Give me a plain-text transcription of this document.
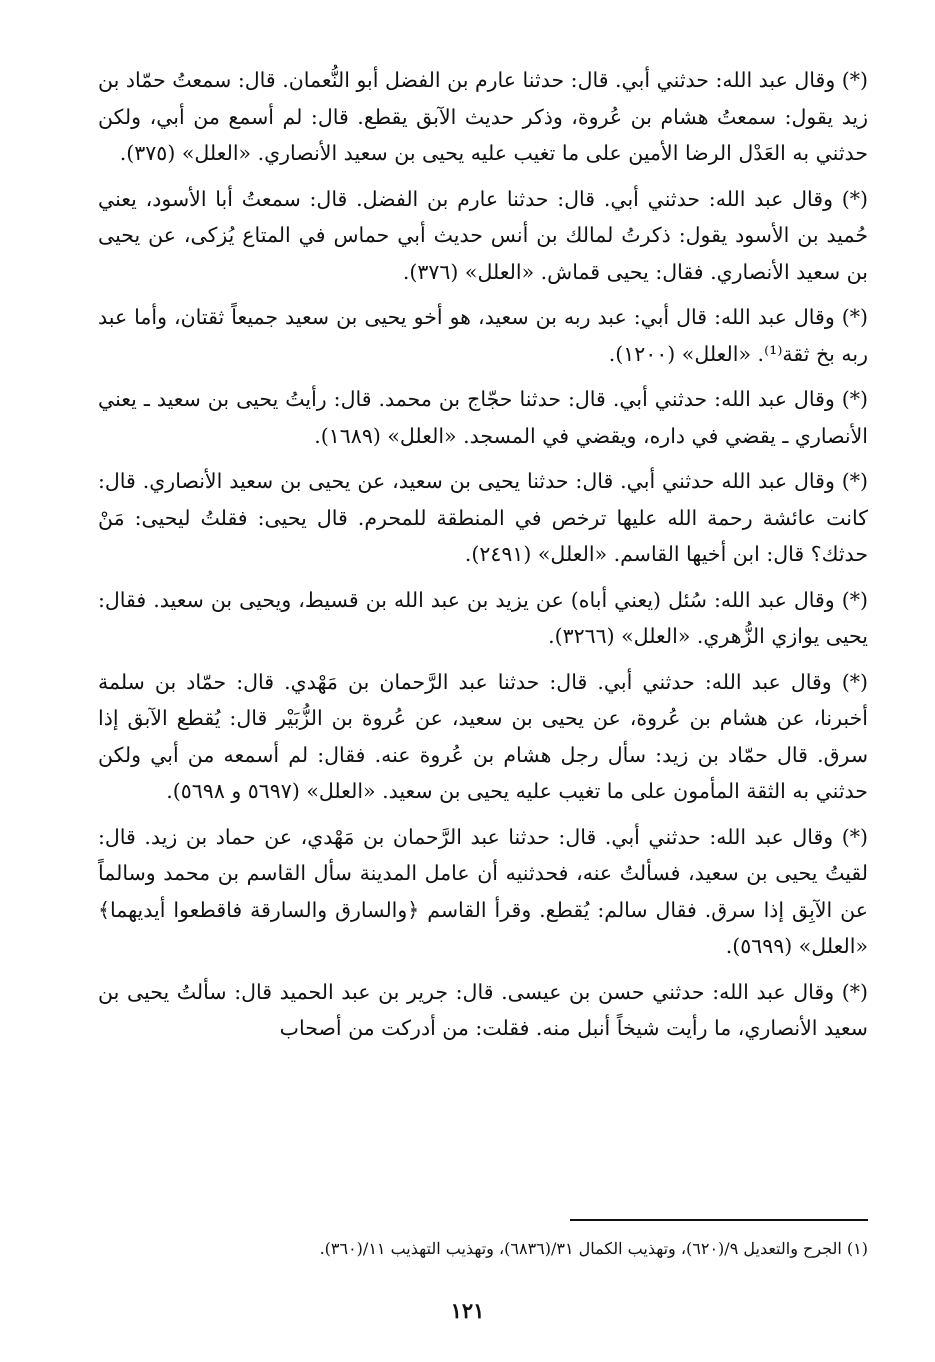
(*) وقال عبد الله: حدثني أبي. قال: حدثنا عارم بن الفضل أبو النُّعمان. قال: سمعتُ حمّاد بن زيد يقول: سمعتُ هشام بن عُروة، وذكر حديث الآبق يقطع. قال: لم أسمع من أبي، ولكن حدثني به العَدْل الرضا الأمين على ما تغيب عليه يحيى بن سعيد الأنصاري. «العلل» (٣٧٥).

(*) وقال عبد الله: حدثني أبي. قال: حدثنا عارم بن الفضل. قال: سمعتُ أبا الأسود، يعني حُميد بن الأسود يقول: ذكرتُ لمالك بن أنس حديث أبي حماس في المتاع يُزكى، عن يحيى بن سعيد الأنصاري. فقال: يحيى قماش. «العلل» (٣٧٦).

(*) وقال عبد الله: قال أبي: عبد ربه بن سعيد، هو أخو يحيى بن سعيد جميعاً ثقتان، وأما عبد ربه بخ ثقة⁽¹⁾. «العلل» (١٢٠٠).

(*) وقال عبد الله: حدثني أبي. قال: حدثنا حجّاج بن محمد. قال: رأيتُ يحيى بن سعيد ـ يعني الأنصاري ـ يقضي في داره، ويقضي في المسجد. «العلل» (١٦٨٩).

(*) وقال عبد الله حدثني أبي. قال: حدثنا يحيى بن سعيد، عن يحيى بن سعيد الأنصاري. قال: كانت عائشة رحمة الله عليها ترخص في المنطقة للمحرم. قال يحيى: فقلتُ ليحيى: مَنْ حدثك؟ قال: ابن أخيها القاسم. «العلل» (٢٤٩١).

(*) وقال عبد الله: سُئل (يعني أباه) عن يزيد بن عبد الله بن قسيط، ويحيى بن سعيد. فقال: يحيى يوازي الزُّهري. «العلل» (٣٢٦٦).

(*) وقال عبد الله: حدثني أبي. قال: حدثنا عبد الرَّحمان بن مَهْدي. قال: حمّاد بن سلمة أخبرنا، عن هشام بن عُروة، عن يحيى بن سعيد، عن عُروة بن الزُّبَيْر قال: يُقطع الآبق إذا سرق. قال حمّاد بن زيد: سأل رجل هشام بن عُروة عنه. فقال: لم أسمعه من أبي ولكن حدثني به الثقة المأمون على ما تغيب عليه يحيى بن سعيد. «العلل» (٥٦٩٧ و ٥٦٩٨).

(*) وقال عبد الله: حدثني أبي. قال: حدثنا عبد الرَّحمان بن مَهْدي، عن حماد بن زيد. قال: لقيتُ يحيى بن سعيد، فسألتُ عنه، فحدثنيه أن عامل المدينة سأل القاسم بن محمد وسالماً عن الآبِق إذا سرق. فقال سالم: يُقطع. وقرأ القاسم ﴿والسارق والسارقة فاقطعوا أيديهما﴾ «العلل» (٥٦٩٩).

(*) وقال عبد الله: حدثني حسن بن عيسى. قال: جرير بن عبد الحميد قال: سألتُ يحيى بن سعيد الأنصاري، ما رأيت شيخاً أنبل منه. فقلت: من أدركت من أصحاب

(١) الجرح والتعديل ٩/(٦٢٠)، وتهذيب الكمال ٣١/(٦٨٣٦)، وتهذيب التهذيب ١١/(٣٦٠).
١٢١
